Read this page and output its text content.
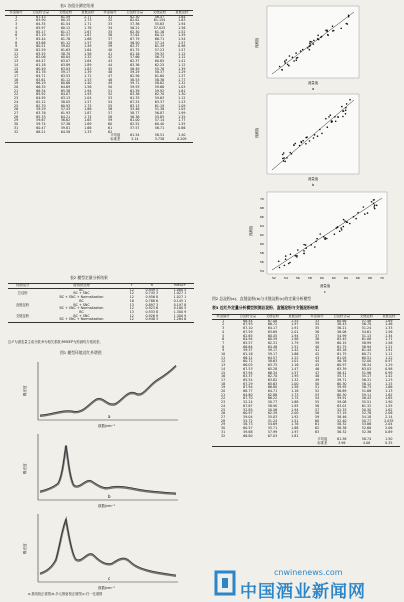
表1 各组分测定结果
样品编号	总淀粉含量	支链淀粉	直链淀粉	样品编号	总淀粉含量	支链淀粉	直链淀粉

1	67.43	61.59	2.77	31	62.30	56.47	1.64
2	63.90	60.15	1.73	32	62.61	61.154	1.63
3	64.35	61.54	1.71	33	57.36	55.63	1.94
4	65.97	60.12	1.78	34	56.21	57.025	1.56
5	65.17	61.17	1.67	35	62.30	61.16	1.52
6	67.19	61.57	1.67	36	57.62	60.12	1.59
7	65.44	61.76	1.68	37	67.79	66.71	1.54
8	63.68	61.12	1.57	38	56.50	57.14	1.57
9	60.51	59.02	1.49	39	63.37	61.39	0.98
10	62.59	61.63	1.64	40	61.75	57.23	1.57
11	63.55	58.70	1.58	41	61.16	59.32	1.12
12	62.06	60.84	1.32	42	57.66	56.73	1.12
13	64.47	63.07	1.64	43	62.37	60.85	1.41
14	61.18	63.89	1.89	44	63.36	62.25	1.12
15	60.49	63.03	1.83	45	56.49	55.76	1.39
16	61.78	59.17	1.39	46	59.29	58.37	1.29
17	64.71	63.53	1.72	47	62.56	61.60	1.37
18	63.61	61.12	1.53	48	58.53	58.36	1.77
19	66.19	60.66	1.40	49	59.71	58.62	1.32
20	66.35	64.69	1.56	50	59.93	59.68	1.03
21	66.34	65.38	1.94	51	61.39	59.92	1.61
22	65.92	64.07	1.93	52	63.36	62.70	1.30
23	64.95	63.13	1.04	53	61.33	59.63	1.12
24	62.12	58.05	1.57	54	67.25	63.37	1.23
25	62.70	60.93	1.75	55	63.13	61.19	1.09
26	59.29	57.43	1.86	56	53.46	51.38	1.05
27	63.76	61.93	1.87	57	58.77	56.87	1.99
28	65.33	64.21	1.74	58	56.36	55.85	1.35
29	59.67	56.62	1.65	59	61.00	57.14	1.77
30	59.74	57.36	1.69	60	62.52	60.40	1.55
31	60.47	59.81	1.66	61	57.57	56.71	0.86
32	66.21	64.58	1.33	62			
平均值					61.54	58.51	1.40
标准差					3.14	3.738	0.209
表2 模型定量分析结果
待测组分	谱图预处理	F	R	RMSEP

	BC	12	0.949 5	1.080 5
总淀粉	BC + SNC	12	0.745 3	1.027 1
	BC + SNC + Normalization	12	0.956 8	1.027 1
	BC	18	0.788 6	0.145 1
直链淀粉	BC + SNC	13	0.897 3	0.197 8
	BC + SNC + Normalization	12	0.923 6	0.180 5
	BC	13	0.933 8	1.300 9
支链淀粉	BC + SNC	12	0.926 9	1.300 9
	BC + SNC + Normalization	12	0.948 3	1.264 6
注:F为潜变量主成分数;R为相关系数;RMSEP为预测均方根误差。
图1 模型环境近红外谱图
a
吸光度
波数/cm⁻¹
b
吸光度
波数/cm⁻¹
c
吸光度
波数/cm⁻¹
a-基线校正谱图;b-多元散射校正谱图;c-归一化谱图
预测值
测量值
a
预测值
测量值
b
52	54	56	58	60	62	64	66	68	70
70
68
66
64
62
60
58
56
54
预测值
测量值
c
图2 总淀粉(a)、直链淀粉(b)与支链淀粉(c)的定量分析模型
表3 近红外定量分析模型预测总淀粉、直链淀粉与支链淀粉结果
样品编号	总淀粉含量	支链淀粉	直链淀粉	样品编号	总淀粉含量	支链淀粉	直链淀粉

1	68.44	67.08	1.55	33	60.68	57.46	1.69
2	67.93	66.72	1.97	34	58.43	56.70	1.46
3	67.10	64.17	1.91	35	56.21	51.24	1.33
4	67.59	63.69	2.01	36	56.08	54.61	1.56
5	62.65	60.45	1.94	37	54.99	51.13	1.34
6	64.94	60.59	1.96	38	63.45	61.08	1.71
7	65.57	62.31	1.79	39	60.15	58.99	1.56
8	66.64	64.48	1.51	40	61.75	58.94	1.21
9	59.37	59.17	1.42	41	65.16	61.44	1.91
10	61.16	59.17	1.66	42	61.75	60.71	1.11
11	66.11	64.57	1.22	43	61.05	60.51	1.22
12	60.72	58.63	1.01	44	56.76	52.00	0.97
13	66.03	63.75	1.16	45	60.97	58.34	1.29
14	67.53	65.28	1.47	46	63.39	63.03	0.98
15	67.94	66.34	1.57	47	56.41	51.96	0.99
16	63.37	62.70	1.95	48	55.71	55.17	1.42
17	65.54	63.82	1.32	49	59.71	56.31	1.23
18	67.29	65.63	1.00	50	60.30	58.12	1.25
19	67.94	66.80	1.58	51	59.95	56.73	1.66
20	68.77	64.71	1.18	52	56.69	51.68	1.13
21	64.80	62.88	1.73	53	60.30	59.11	1.62
22	67.70	66.22	1.75	54	59.91	56.43	1.65
23	52.24	50.77	1.68	55	59.08	55.51	1.90
24	67.67	58.90	1.95	56	63.01	61.32	1.55
25	52.85	50.56	1.94	57	52.33	50.30	1.62
26	60.97	62.39	2.00	58	57.19	52.76	2.06
27	59.04	55.03	1.92	59	58.46	54.18	2.14
28	55.72	51.24	1.51	60	52.40	50.77	2.035
29	58.73	54.69	1.78	61	58.32	53.86	2.04
30	60.57	55.71	1.68	62	58.36	52.68	2.06
31	59.68	57.99	1.97	63	56.32	52.36	0.89
32	66.80	67.03	1.81				
平均值					61.58	58.74	1.50
标准差					3.96	4.08	0.35
cnwinenews.com
中国酒业新闻网
